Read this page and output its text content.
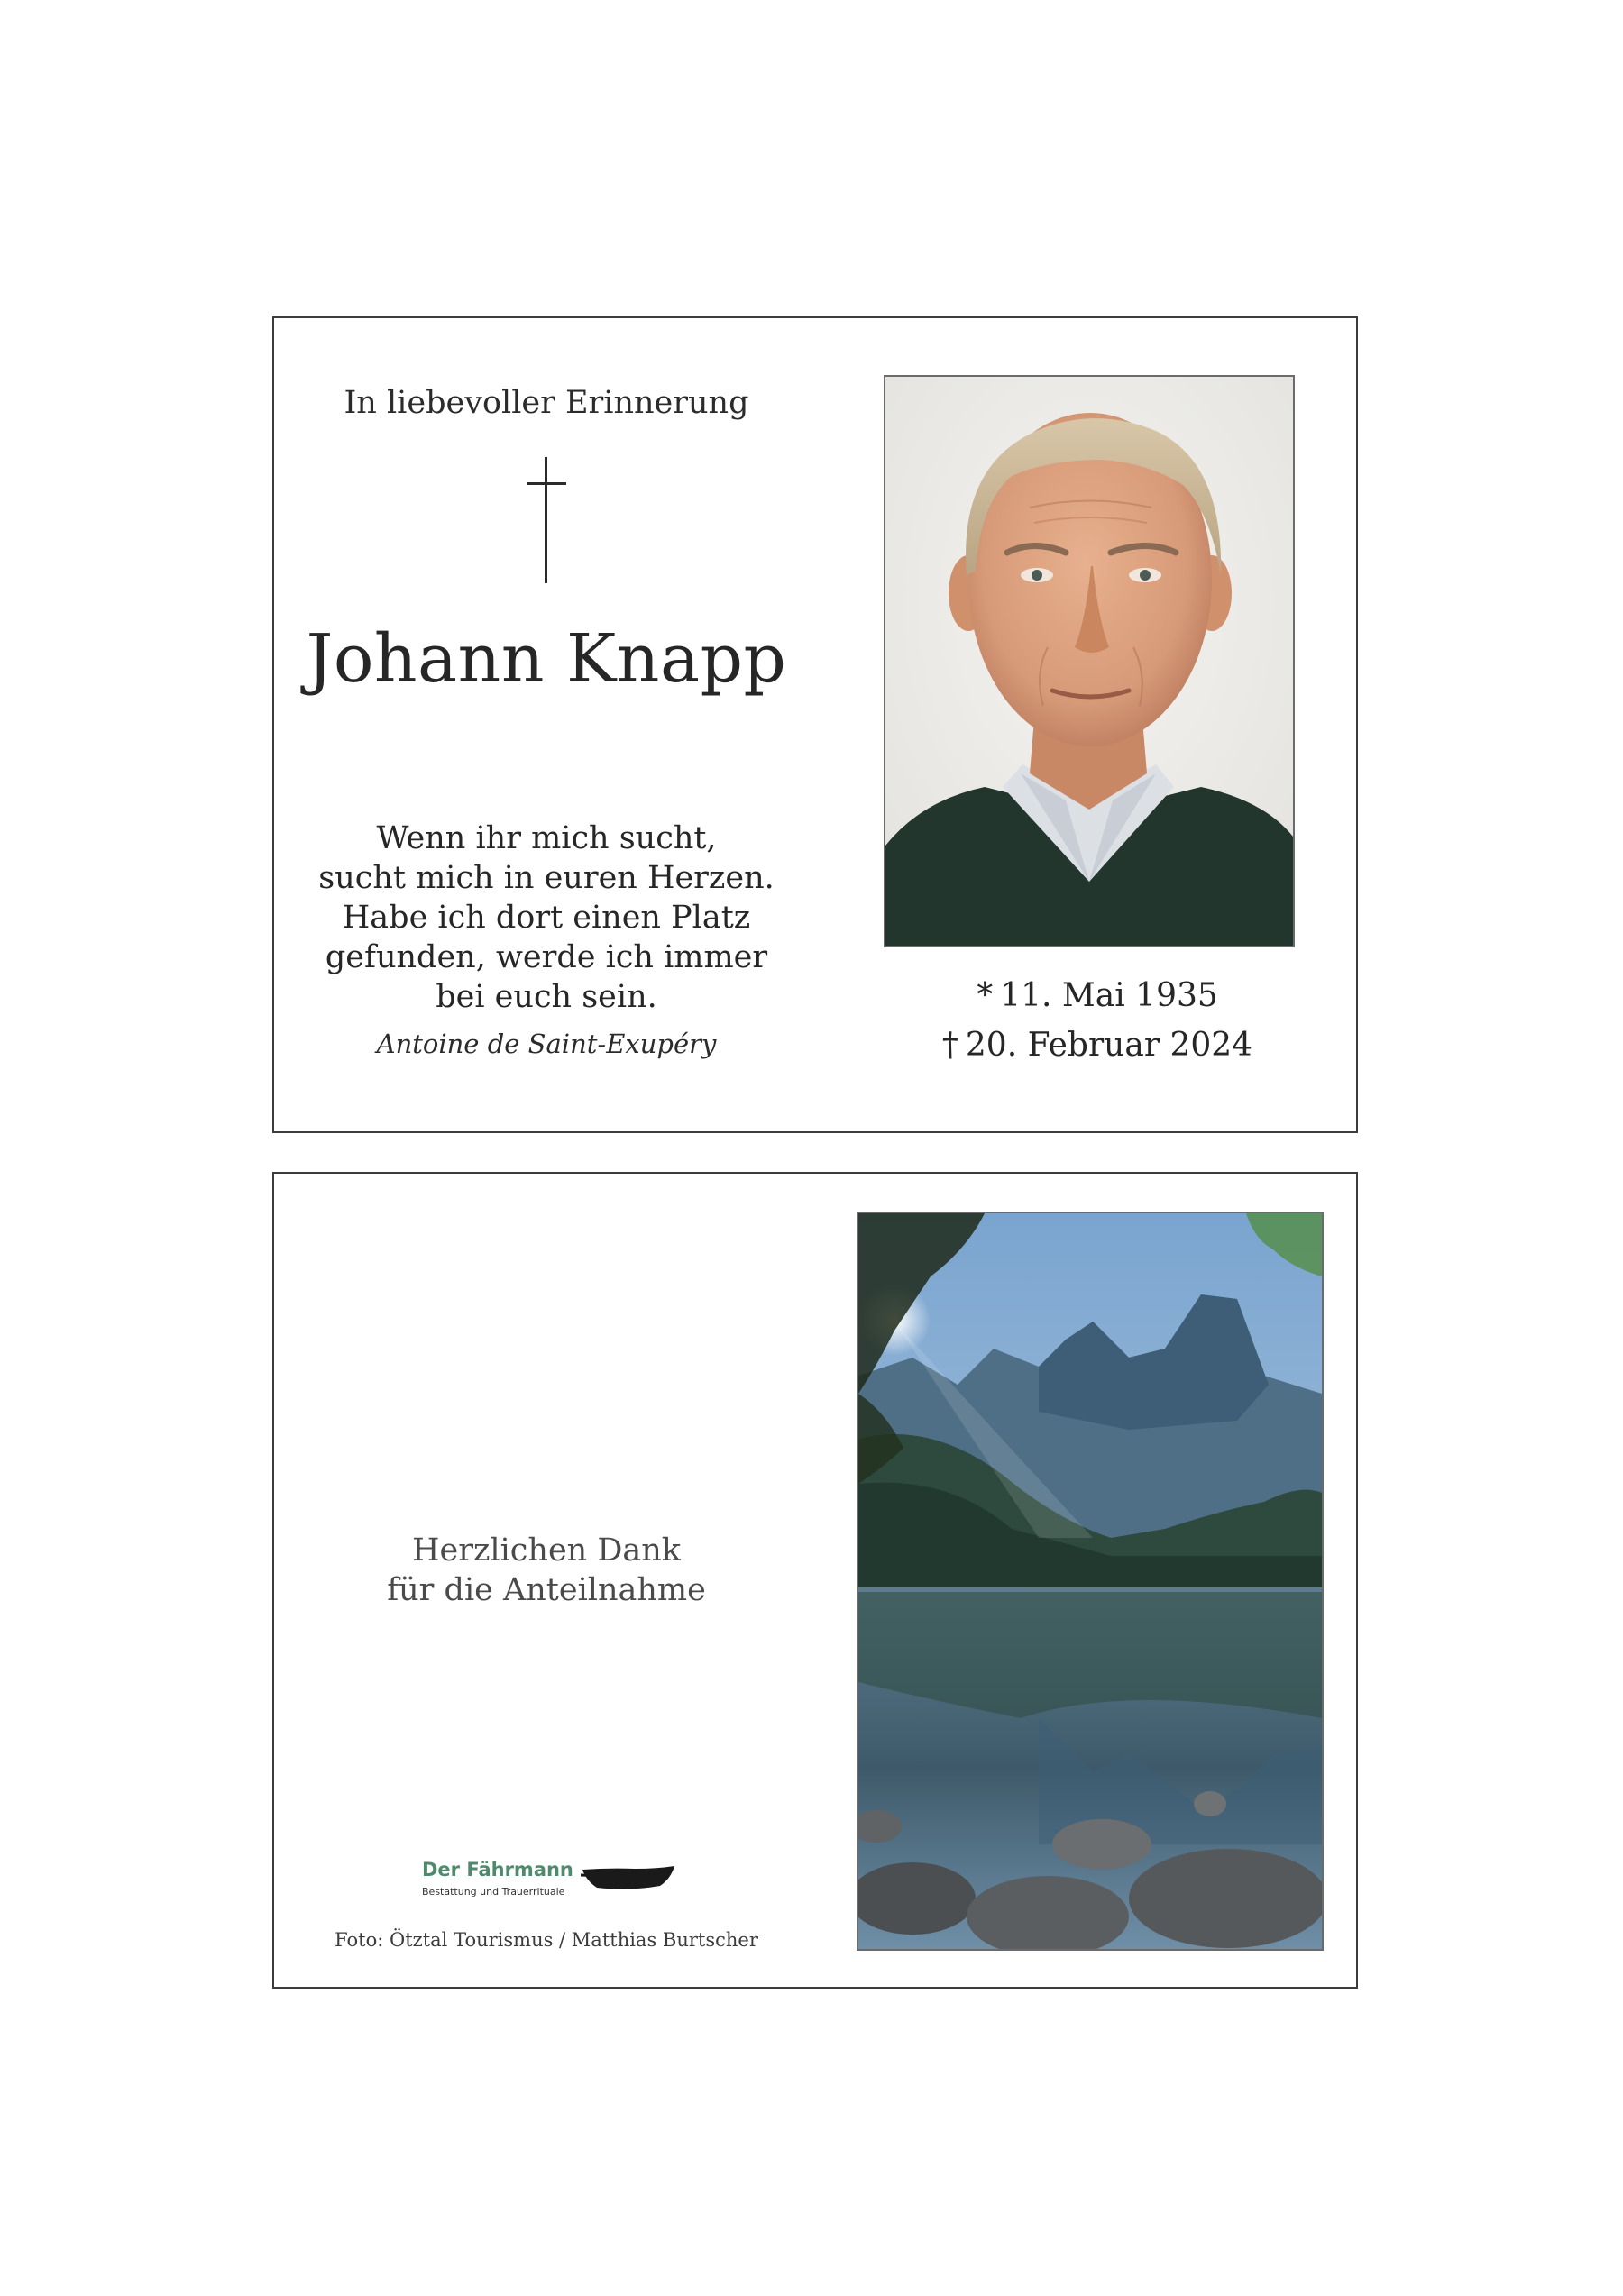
In liebevoller Erinnerung
Johann Knapp
Wenn ihr mich sucht,
sucht mich in euren Herzen.
Habe ich dort einen Platz
gefunden, werde ich immer
bei euch sein.
Antoine de Saint-Exupéry
* 11. Mai 1935
† 20. Februar 2024
Herzlichen Dank
für die Anteilnahme
Der Fährmann
Bestattung und Trauerrituale
Foto: Ötztal Tourismus / Matthias Burtscher
